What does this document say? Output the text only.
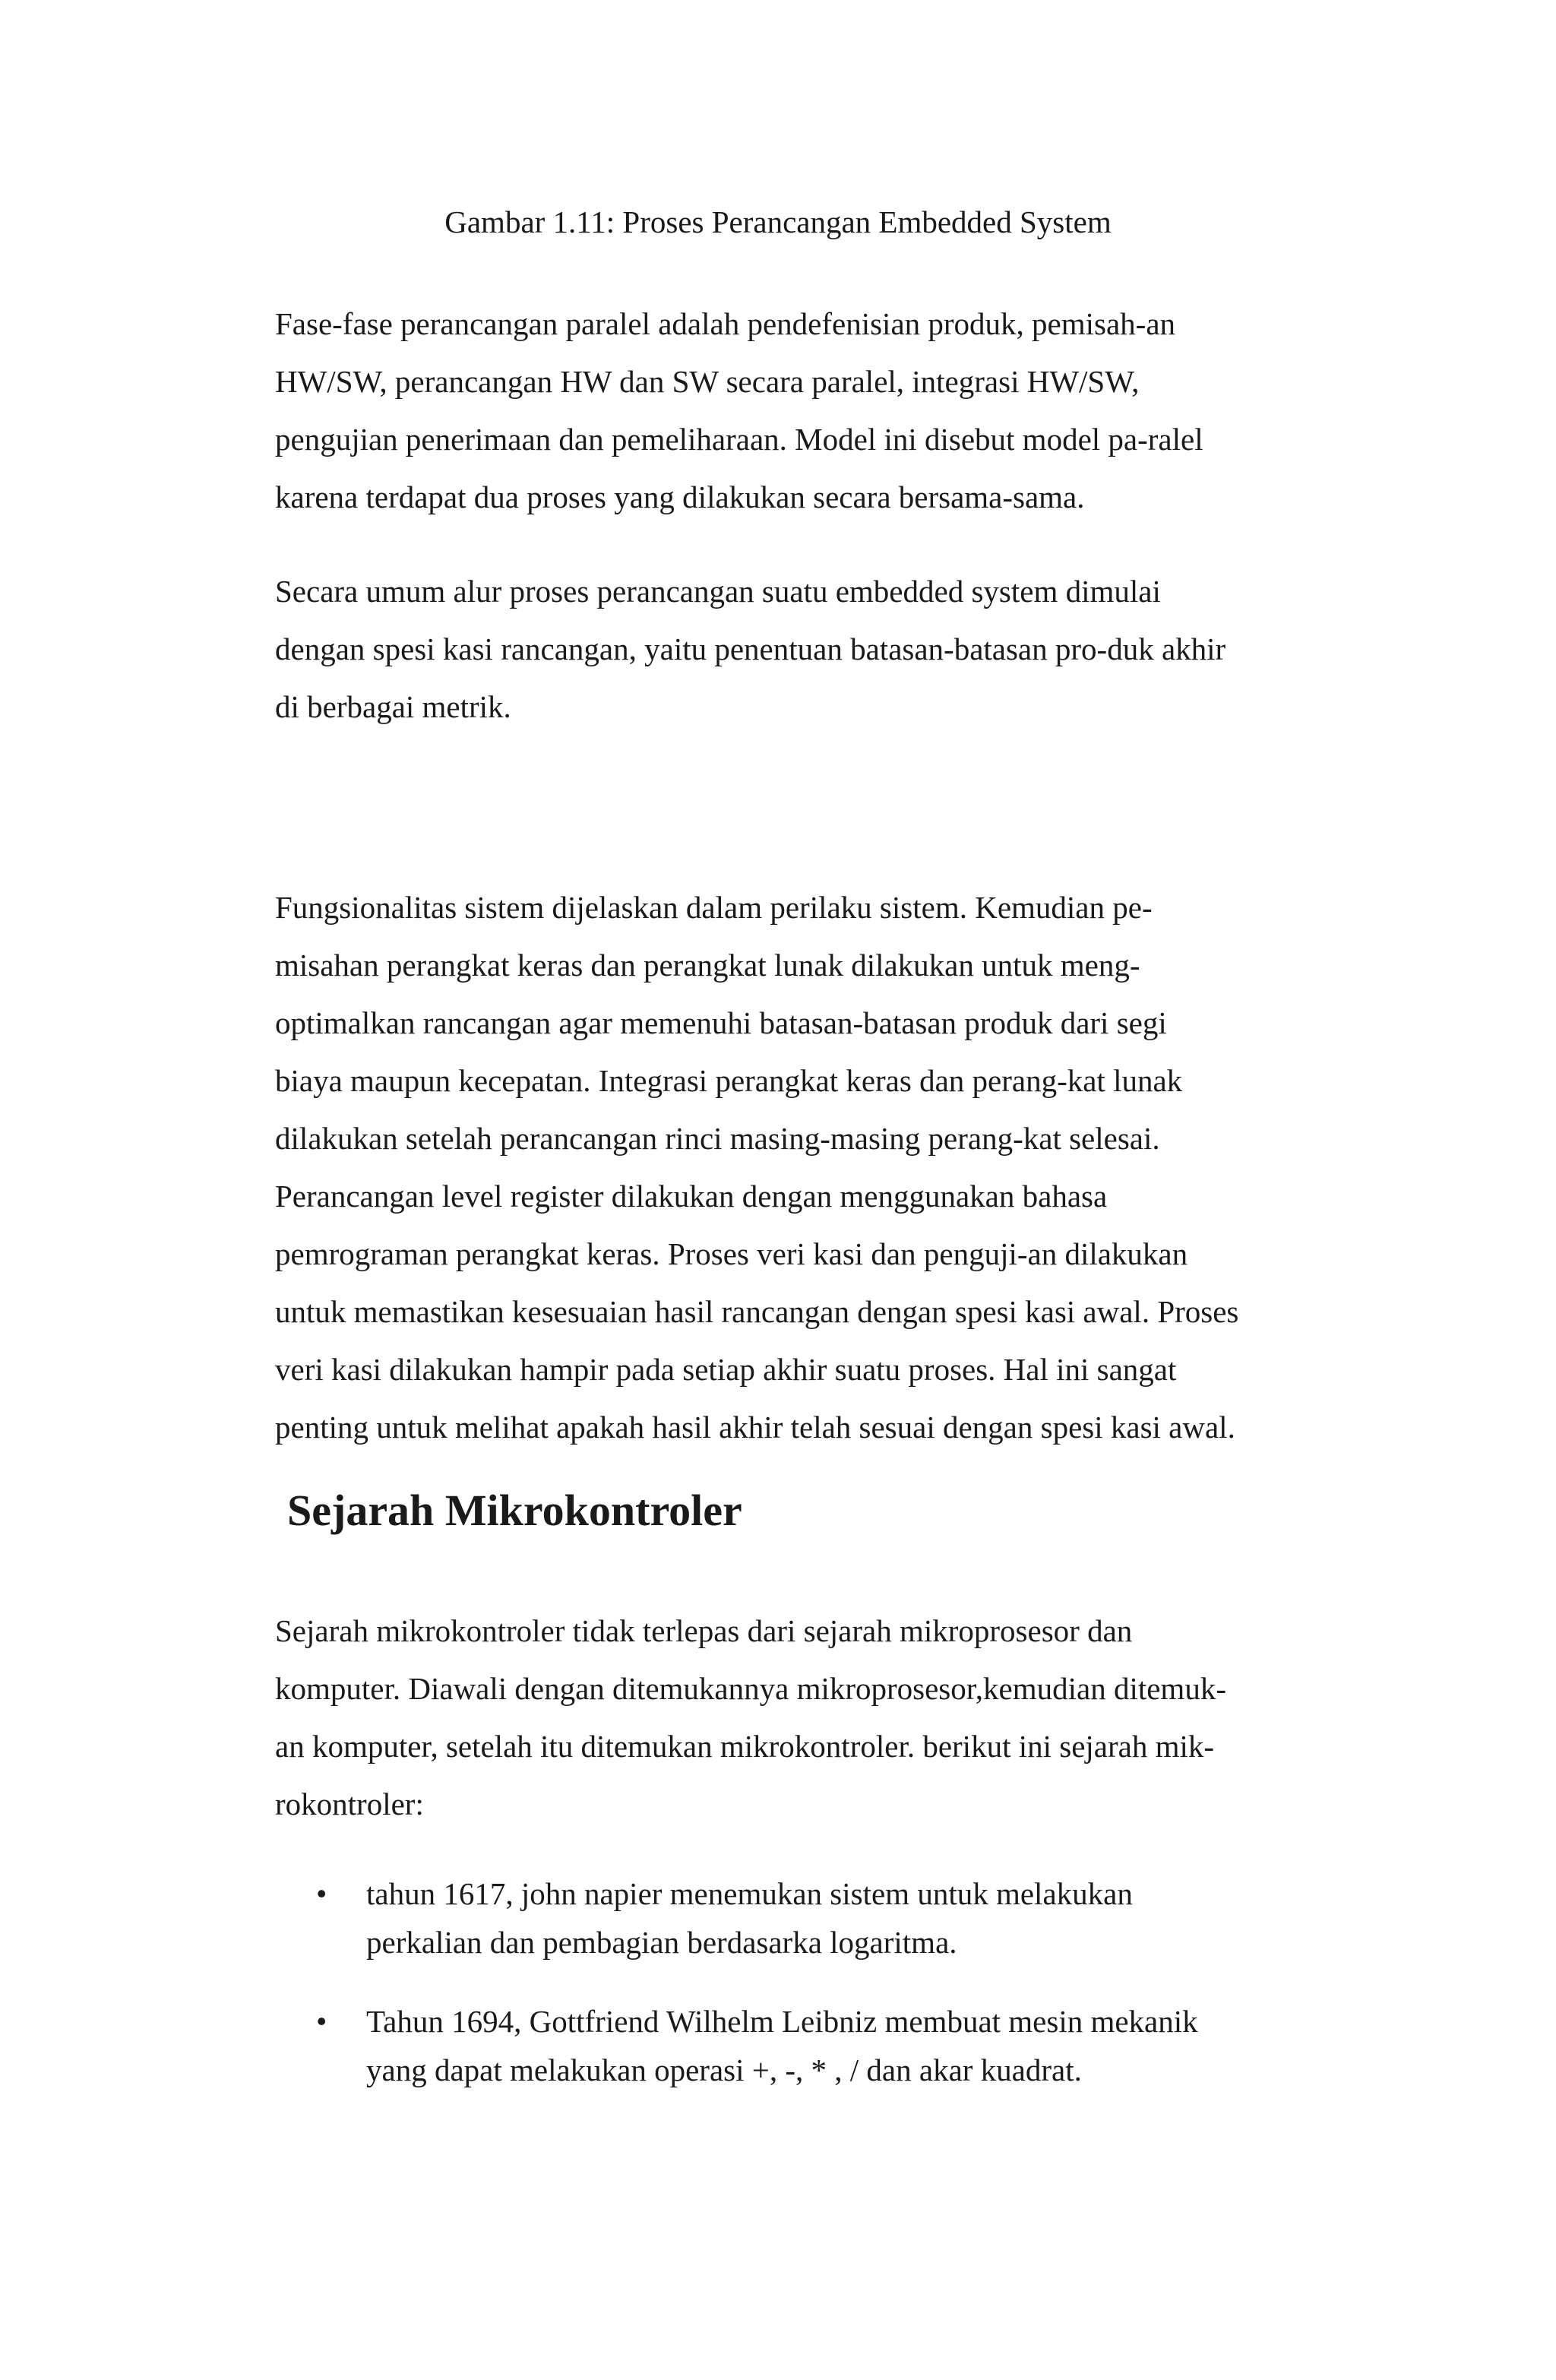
Gambar 1.11: Proses Perancangan Embedded System

Fase-fase perancangan paralel adalah pendefenisian produk, pemisah-an
HW/SW, perancangan HW dan SW secara paralel, integrasi HW/SW,
pengujian penerimaan dan pemeliharaan. Model ini disebut model pa-ralel
karena terdapat dua proses yang dilakukan secara bersama-sama.

Secara umum alur proses perancangan suatu embedded system dimulai
dengan spesi kasi rancangan, yaitu penentuan batasan-batasan pro-duk akhir
di berbagai metrik.

Fungsionalitas sistem dijelaskan dalam perilaku sistem. Kemudian pe-
misahan perangkat keras dan perangkat lunak dilakukan untuk meng-
optimalkan rancangan agar memenuhi batasan-batasan produk dari segi
biaya maupun kecepatan. Integrasi perangkat keras dan perang-kat lunak
dilakukan setelah perancangan rinci masing-masing perang-kat selesai.
Perancangan level register dilakukan dengan menggunakan bahasa
pemrograman perangkat keras. Proses veri kasi dan penguji-an dilakukan
untuk memastikan kesesuaian hasil rancangan dengan spesi kasi awal. Proses
veri kasi dilakukan hampir pada setiap akhir suatu proses. Hal ini sangat
penting untuk melihat apakah hasil akhir telah sesuai dengan spesi kasi awal.

Sejarah Mikrokontroler

Sejarah mikrokontroler tidak terlepas dari sejarah mikroprosesor dan
komputer. Diawali dengan ditemukannya mikroprosesor,kemudian ditemuk-
an komputer, setelah itu ditemukan mikrokontroler. berikut ini sejarah mik-
rokontroler:

• tahun 1617, john napier menemukan sistem untuk melakukan
perkalian dan pembagian berdasarka logaritma.
• Tahun 1694, Gottfriend Wilhelm Leibniz membuat mesin mekanik
yang dapat melakukan operasi +, -, * , / dan akar kuadrat.
